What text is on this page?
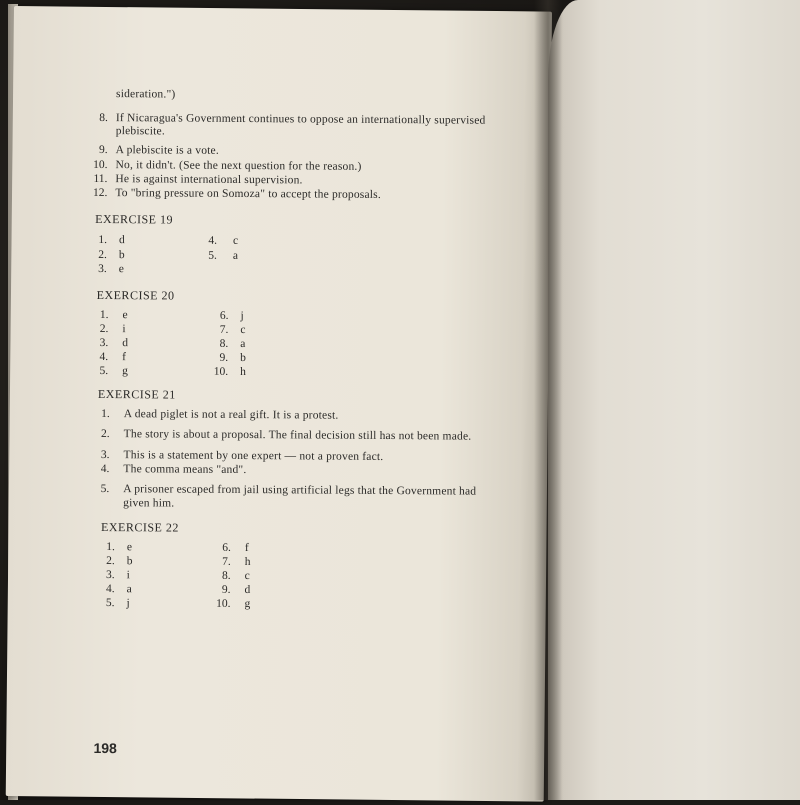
sideration.")
8. If Nicaragua's Government continues to oppose an internationally supervised
plebiscite.
9. A plebiscite is a vote.
10. No, it didn't. (See the next question for the reason.)
11. He is against international supervision.
12. To "bring pressure on Somoza" to accept the proposals.
EXERCISE 19
1. d	4. c
2. b	5. a
3. e
EXERCISE 20
1. e	6. j
2. i	7. c
3. d	8. a
4. f	9. b
5. g	10. h
EXERCISE 21
1. A dead piglet is not a real gift. It is a protest.
2. The story is about a proposal. The final decision still has not been made.
3. This is a statement by one expert — not a proven fact.
4. The comma means "and".
5. A prisoner escaped from jail using artificial legs that the Government had
given him.
EXERCISE 22
1. e	6. f
2. b	7. h
3. i	8. c
4. a	9. d
5. j	10. g
198
